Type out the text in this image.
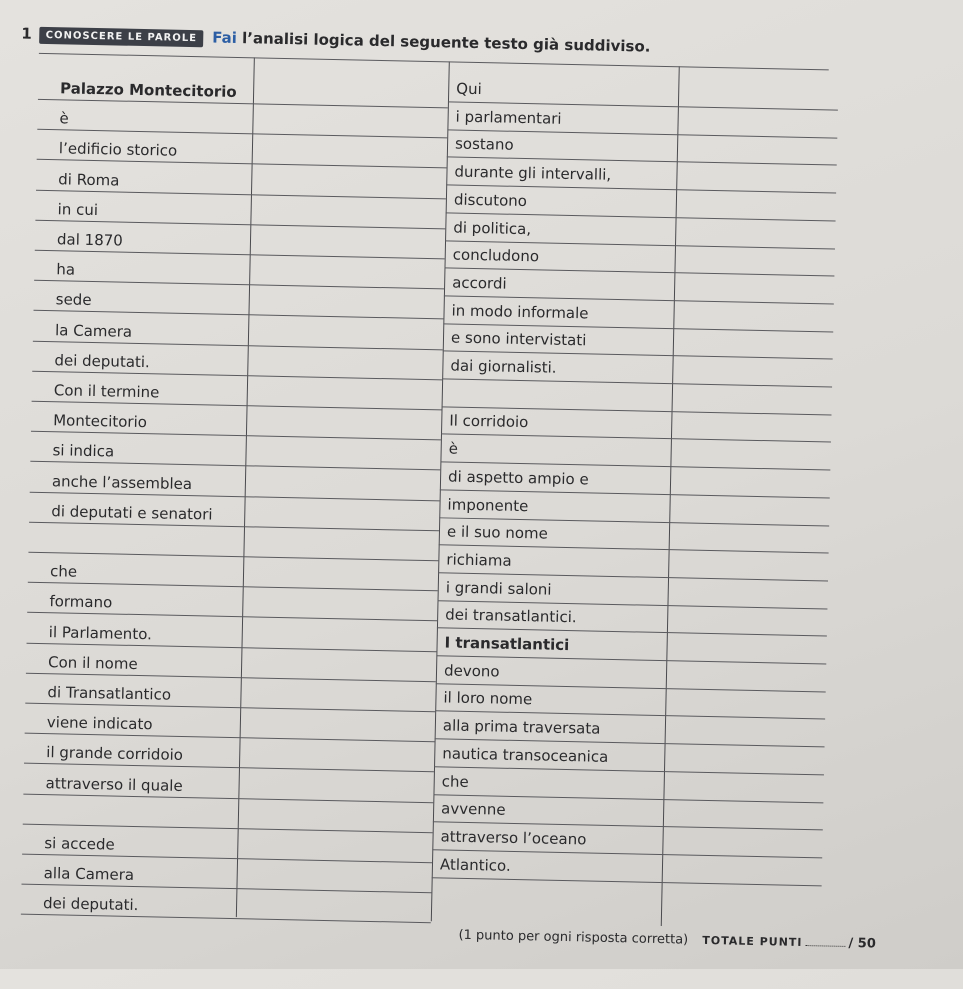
1 CONOSCERE LE PAROLE Fai l’analisi logica del seguente testo già suddiviso.
Palazzo Montecitorio
è
l’edificio storico
di Roma
in cui
dal 1870
ha
sede
la Camera
dei deputati.
Con il termine
Montecitorio
si indica
anche l’assemblea
di deputati e senatori
che
formano
il Parlamento.
Con il nome
di Transatlantico
viene indicato
il grande corridoio
attraverso il quale
si accede
alla Camera
dei deputati.
Qui
i parlamentari
sostano
durante gli intervalli,
discutono
di politica,
concludono
accordi
in modo informale
e sono intervistati
dai giornalisti.
Il corridoio
è
di aspetto ampio e
imponente
e il suo nome
richiama
i grandi saloni
dei transatlantici.
I transatlantici
devono
il loro nome
alla prima traversata
nautica transoceanica
che
avvenne
attraverso l’oceano
Atlantico.
(1 punto per ogni risposta corretta) TOTALE PUNTI	/ 50
